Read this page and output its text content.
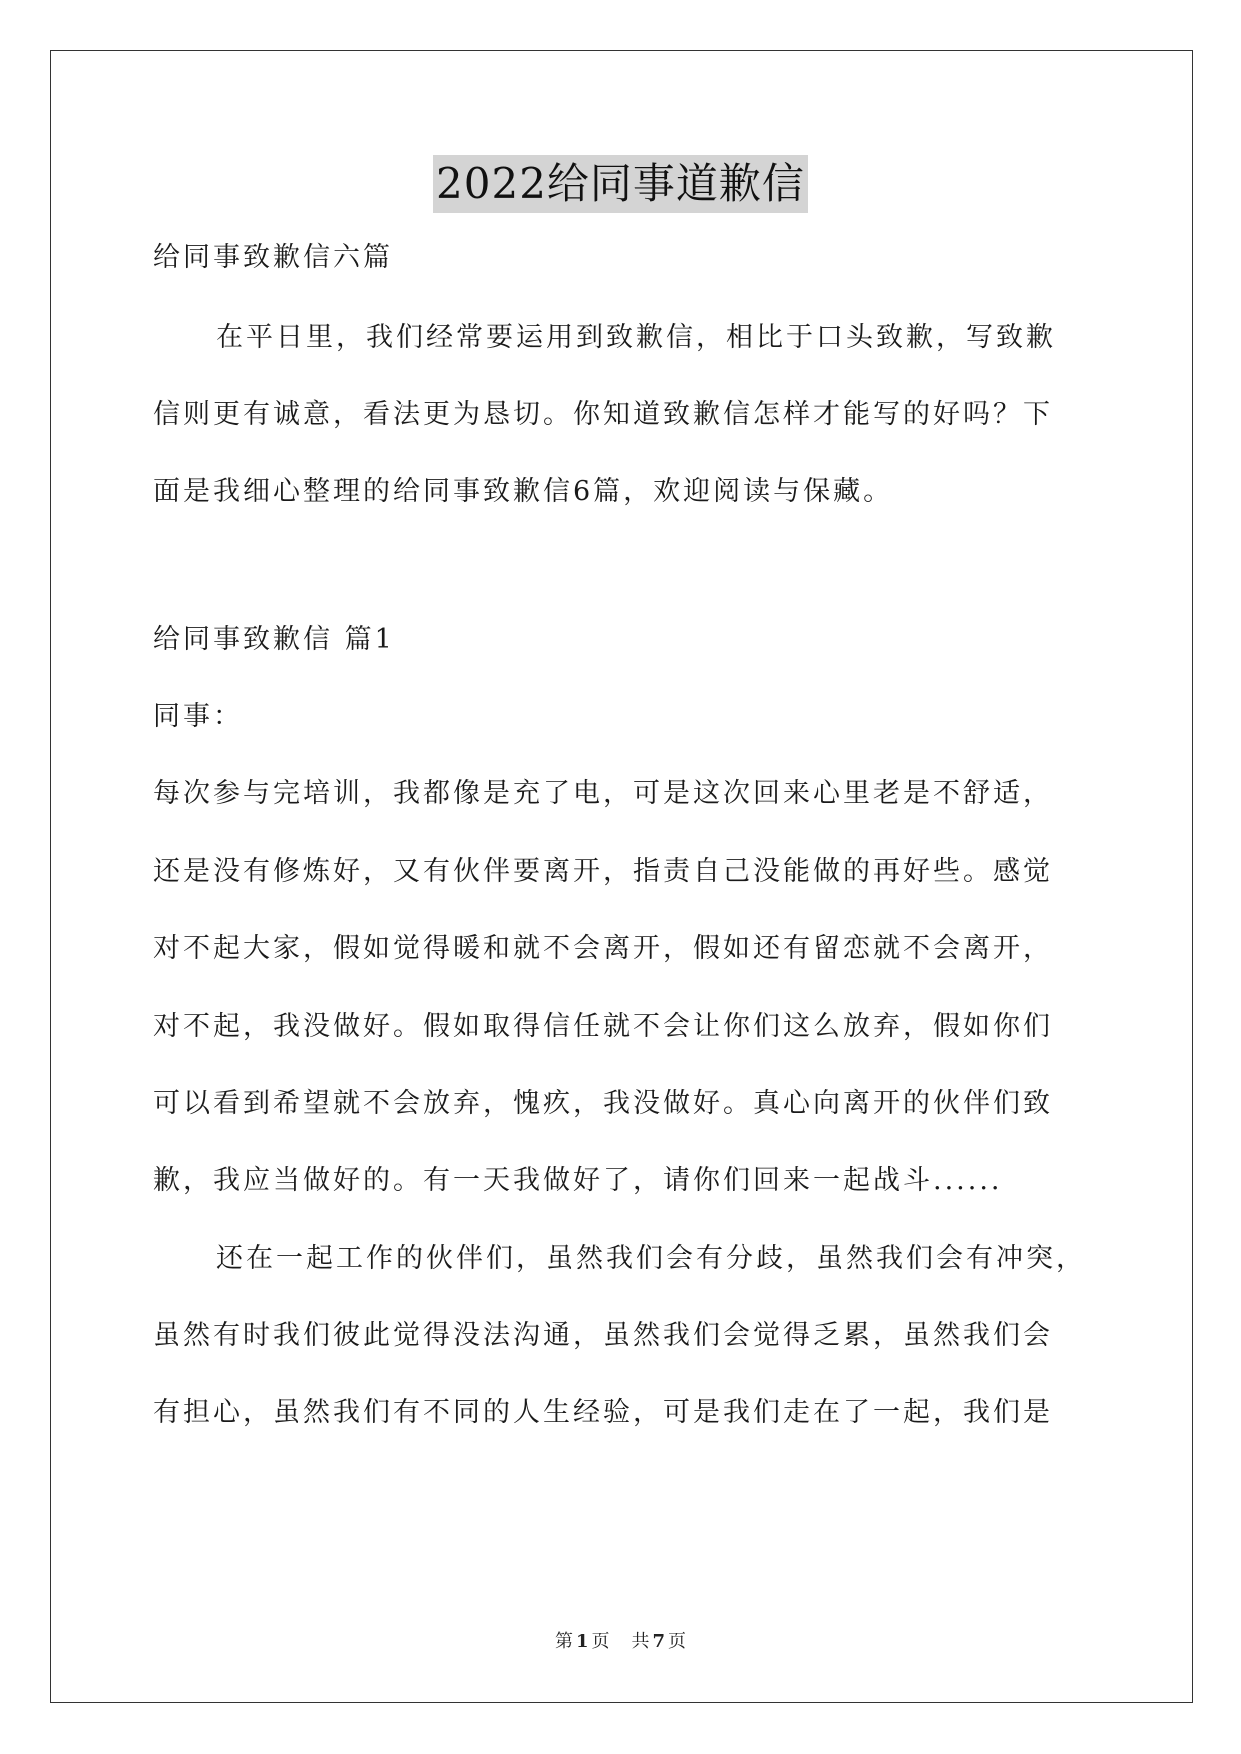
2022给同事道歉信
给同事致歉信六篇
在平日里，我们经常要运用到致歉信，相比于口头致歉，写致歉
信则更有诚意，看法更为恳切。你知道致歉信怎样才能写的好吗？下
面是我细心整理的给同事致歉信6篇，欢迎阅读与保藏。
给同事致歉信 篇1
同事：
每次参与完培训，我都像是充了电，可是这次回来心里老是不舒适，
还是没有修炼好，又有伙伴要离开，指责自己没能做的再好些。感觉
对不起大家，假如觉得暖和就不会离开，假如还有留恋就不会离开，
对不起，我没做好。假如取得信任就不会让你们这么放弃，假如你们
可以看到希望就不会放弃，愧疚，我没做好。真心向离开的伙伴们致
歉，我应当做好的。有一天我做好了，请你们回来一起战斗......
还在一起工作的伙伴们，虽然我们会有分歧，虽然我们会有冲突，
虽然有时我们彼此觉得没法沟通，虽然我们会觉得乏累，虽然我们会
有担心，虽然我们有不同的人生经验，可是我们走在了一起，我们是
第 1 页 共 7 页
